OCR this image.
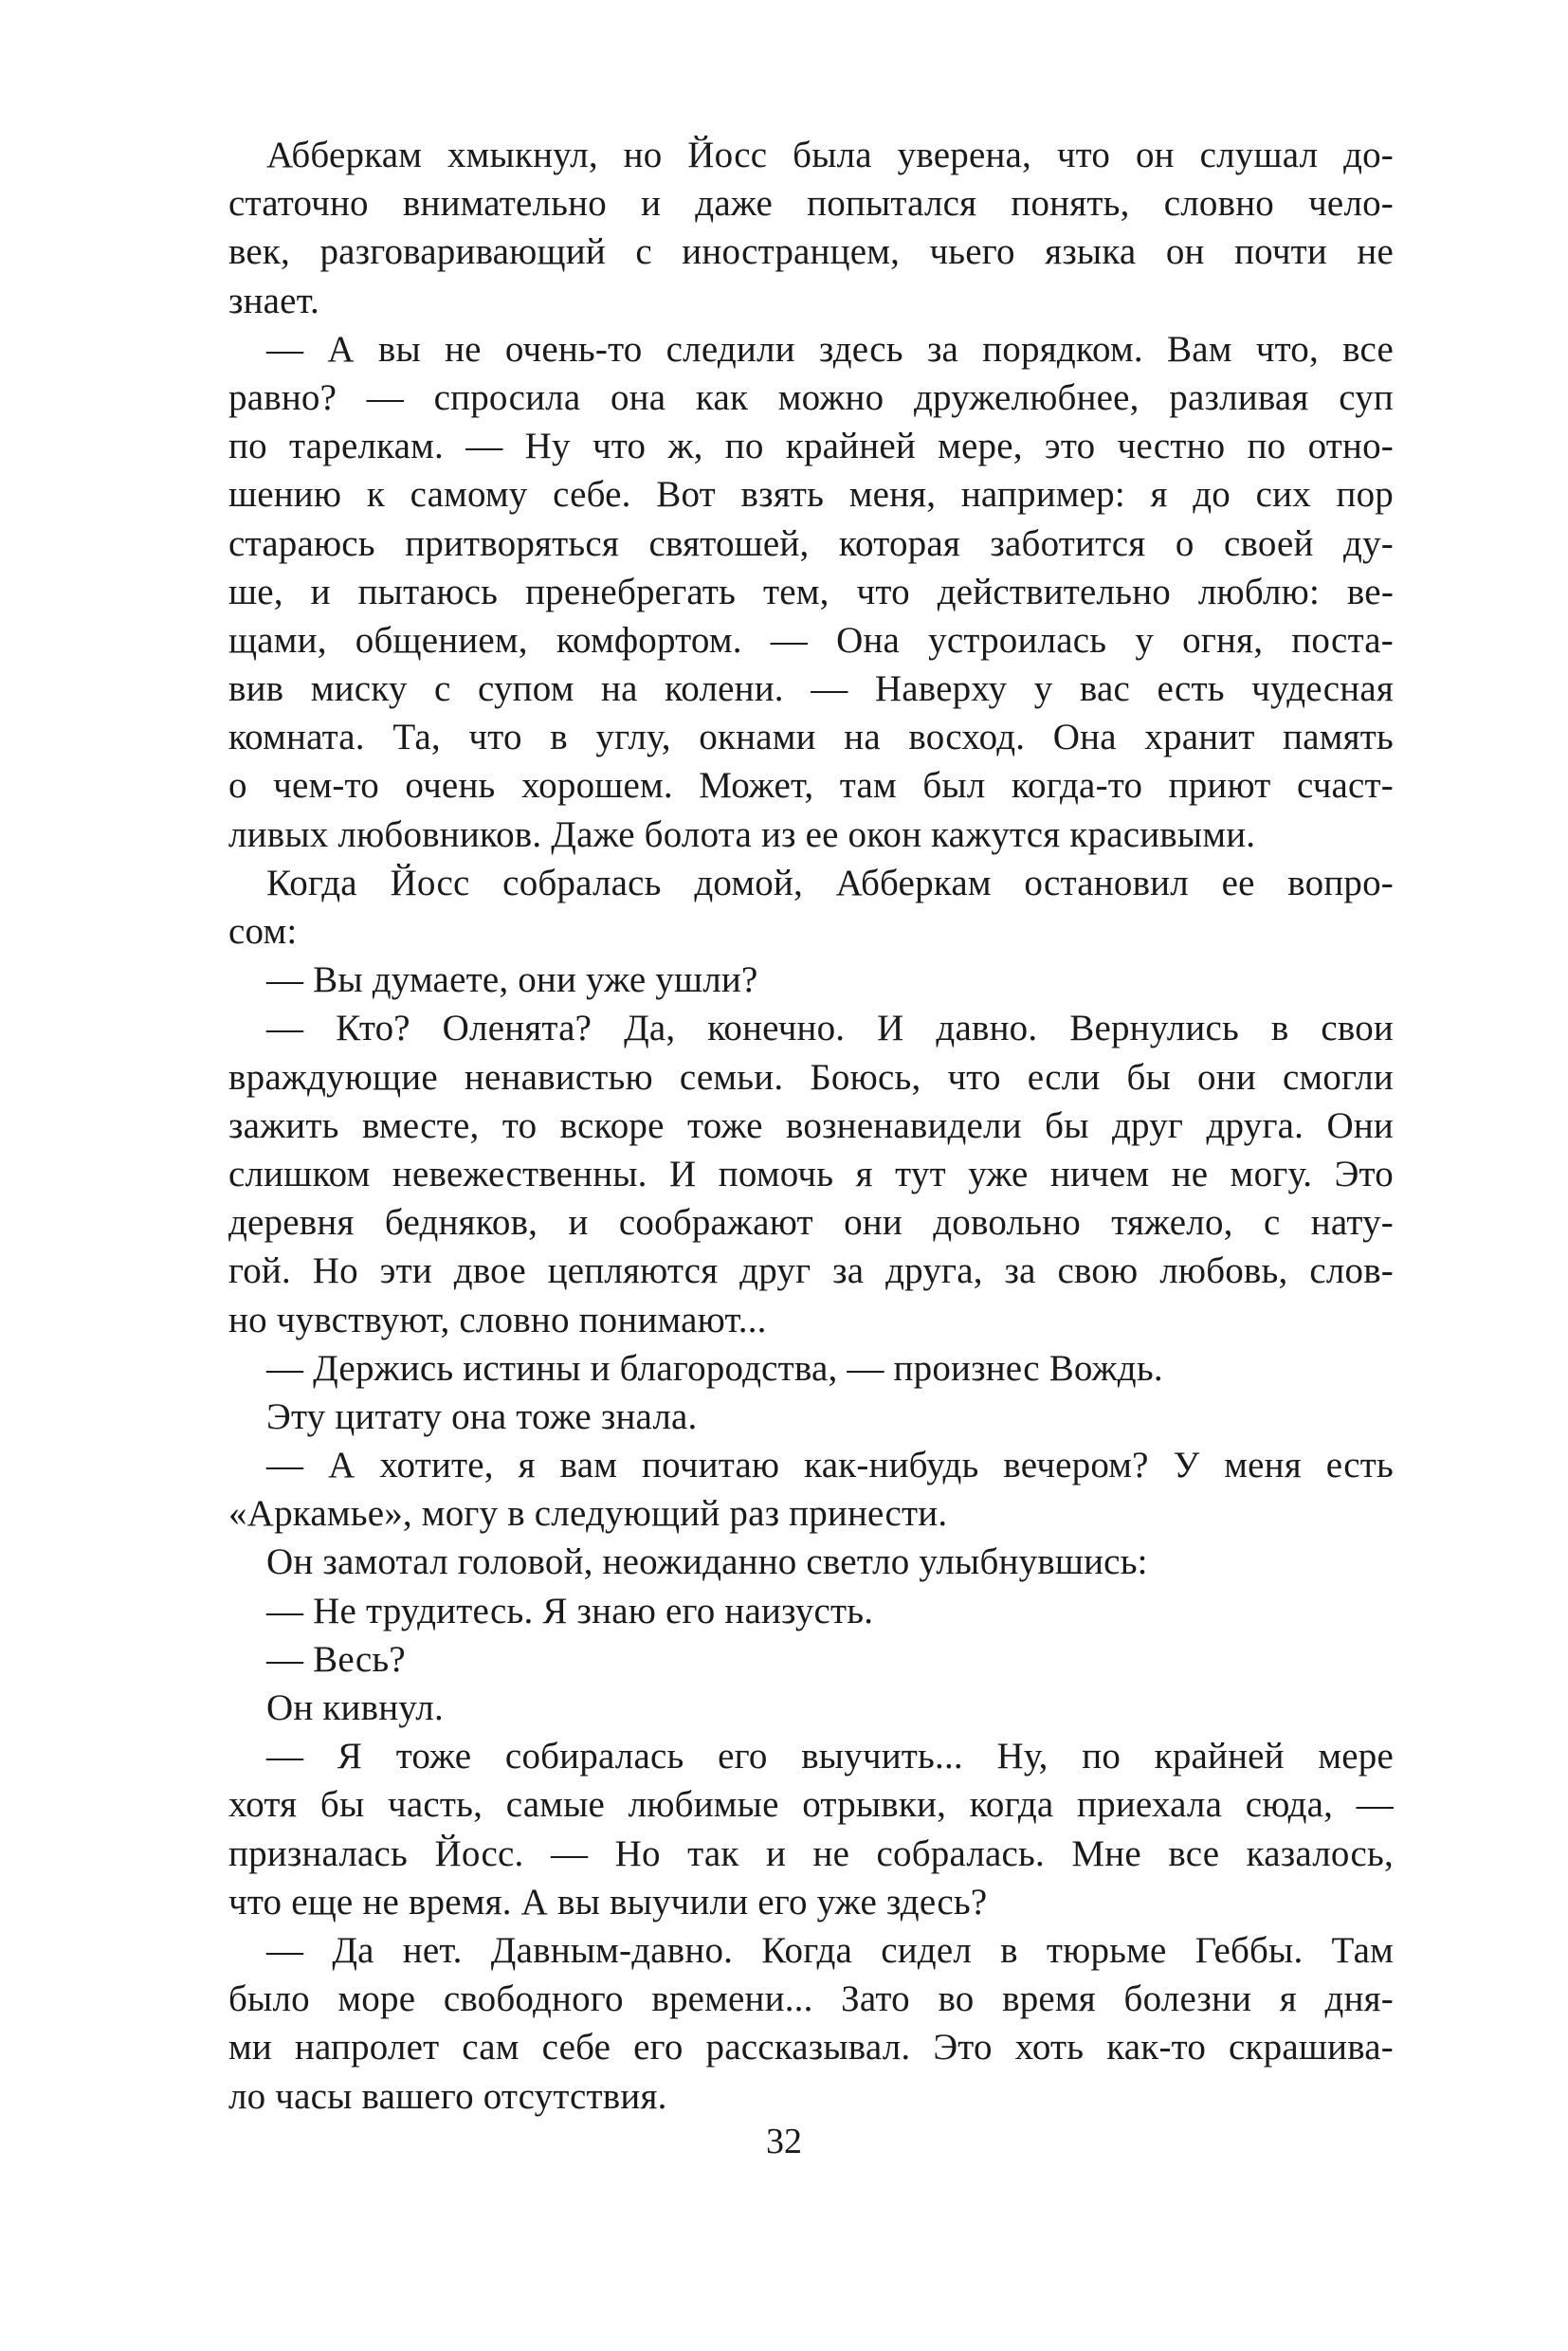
Абберкам хмыкнул, но Йосс была уверена, что он слушал до-
статочно внимательно и даже попытался понять, словно чело-
век, разговаривающий с иностранцем, чьего языка он почти не
знает.
— А вы не очень-то следили здесь за порядком. Вам что, все
равно? — спросила она как можно дружелюбнее, разливая суп
по тарелкам. — Ну что ж, по крайней мере, это честно по отно-
шению к самому себе. Вот взять меня, например: я до сих пор
стараюсь притворяться святошей, которая заботится о своей ду-
ше, и пытаюсь пренебрегать тем, что действительно люблю: ве-
щами, общением, комфортом. — Она устроилась у огня, поста-
вив миску с супом на колени. — Наверху у вас есть чудесная
комната. Та, что в углу, окнами на восход. Она хранит память
о чем-то очень хорошем. Может, там был когда-то приют счаст-
ливых любовников. Даже болота из ее окон кажутся красивыми.
Когда Йосс собралась домой, Абберкам остановил ее вопро-
сом:
— Вы думаете, они уже ушли?
— Кто? Оленята? Да, конечно. И давно. Вернулись в свои
враждующие ненавистью семьи. Боюсь, что если бы они смогли
зажить вместе, то вскоре тоже возненавидели бы друг друга. Они
слишком невежественны. И помочь я тут уже ничем не могу. Это
деревня бедняков, и соображают они довольно тяжело, с нату-
гой. Но эти двое цепляются друг за друга, за свою любовь, слов-
но чувствуют, словно понимают...
— Держись истины и благородства, — произнес Вождь.
Эту цитату она тоже знала.
— А хотите, я вам почитаю как-нибудь вечером? У меня есть
«Аркамье», могу в следующий раз принести.
Он замотал головой, неожиданно светло улыбнувшись:
— Не трудитесь. Я знаю его наизусть.
— Весь?
Он кивнул.
— Я тоже собиралась его выучить... Ну, по крайней мере
хотя бы часть, самые любимые отрывки, когда приехала сюда, —
призналась Йосс. — Но так и не собралась. Мне все казалось,
что еще не время. А вы выучили его уже здесь?
— Да нет. Давным-давно. Когда сидел в тюрьме Геббы. Там
было море свободного времени... Зато во время болезни я дня-
ми напролет сам себе его рассказывал. Это хоть как-то скрашива-
ло часы вашего отсутствия.
32
